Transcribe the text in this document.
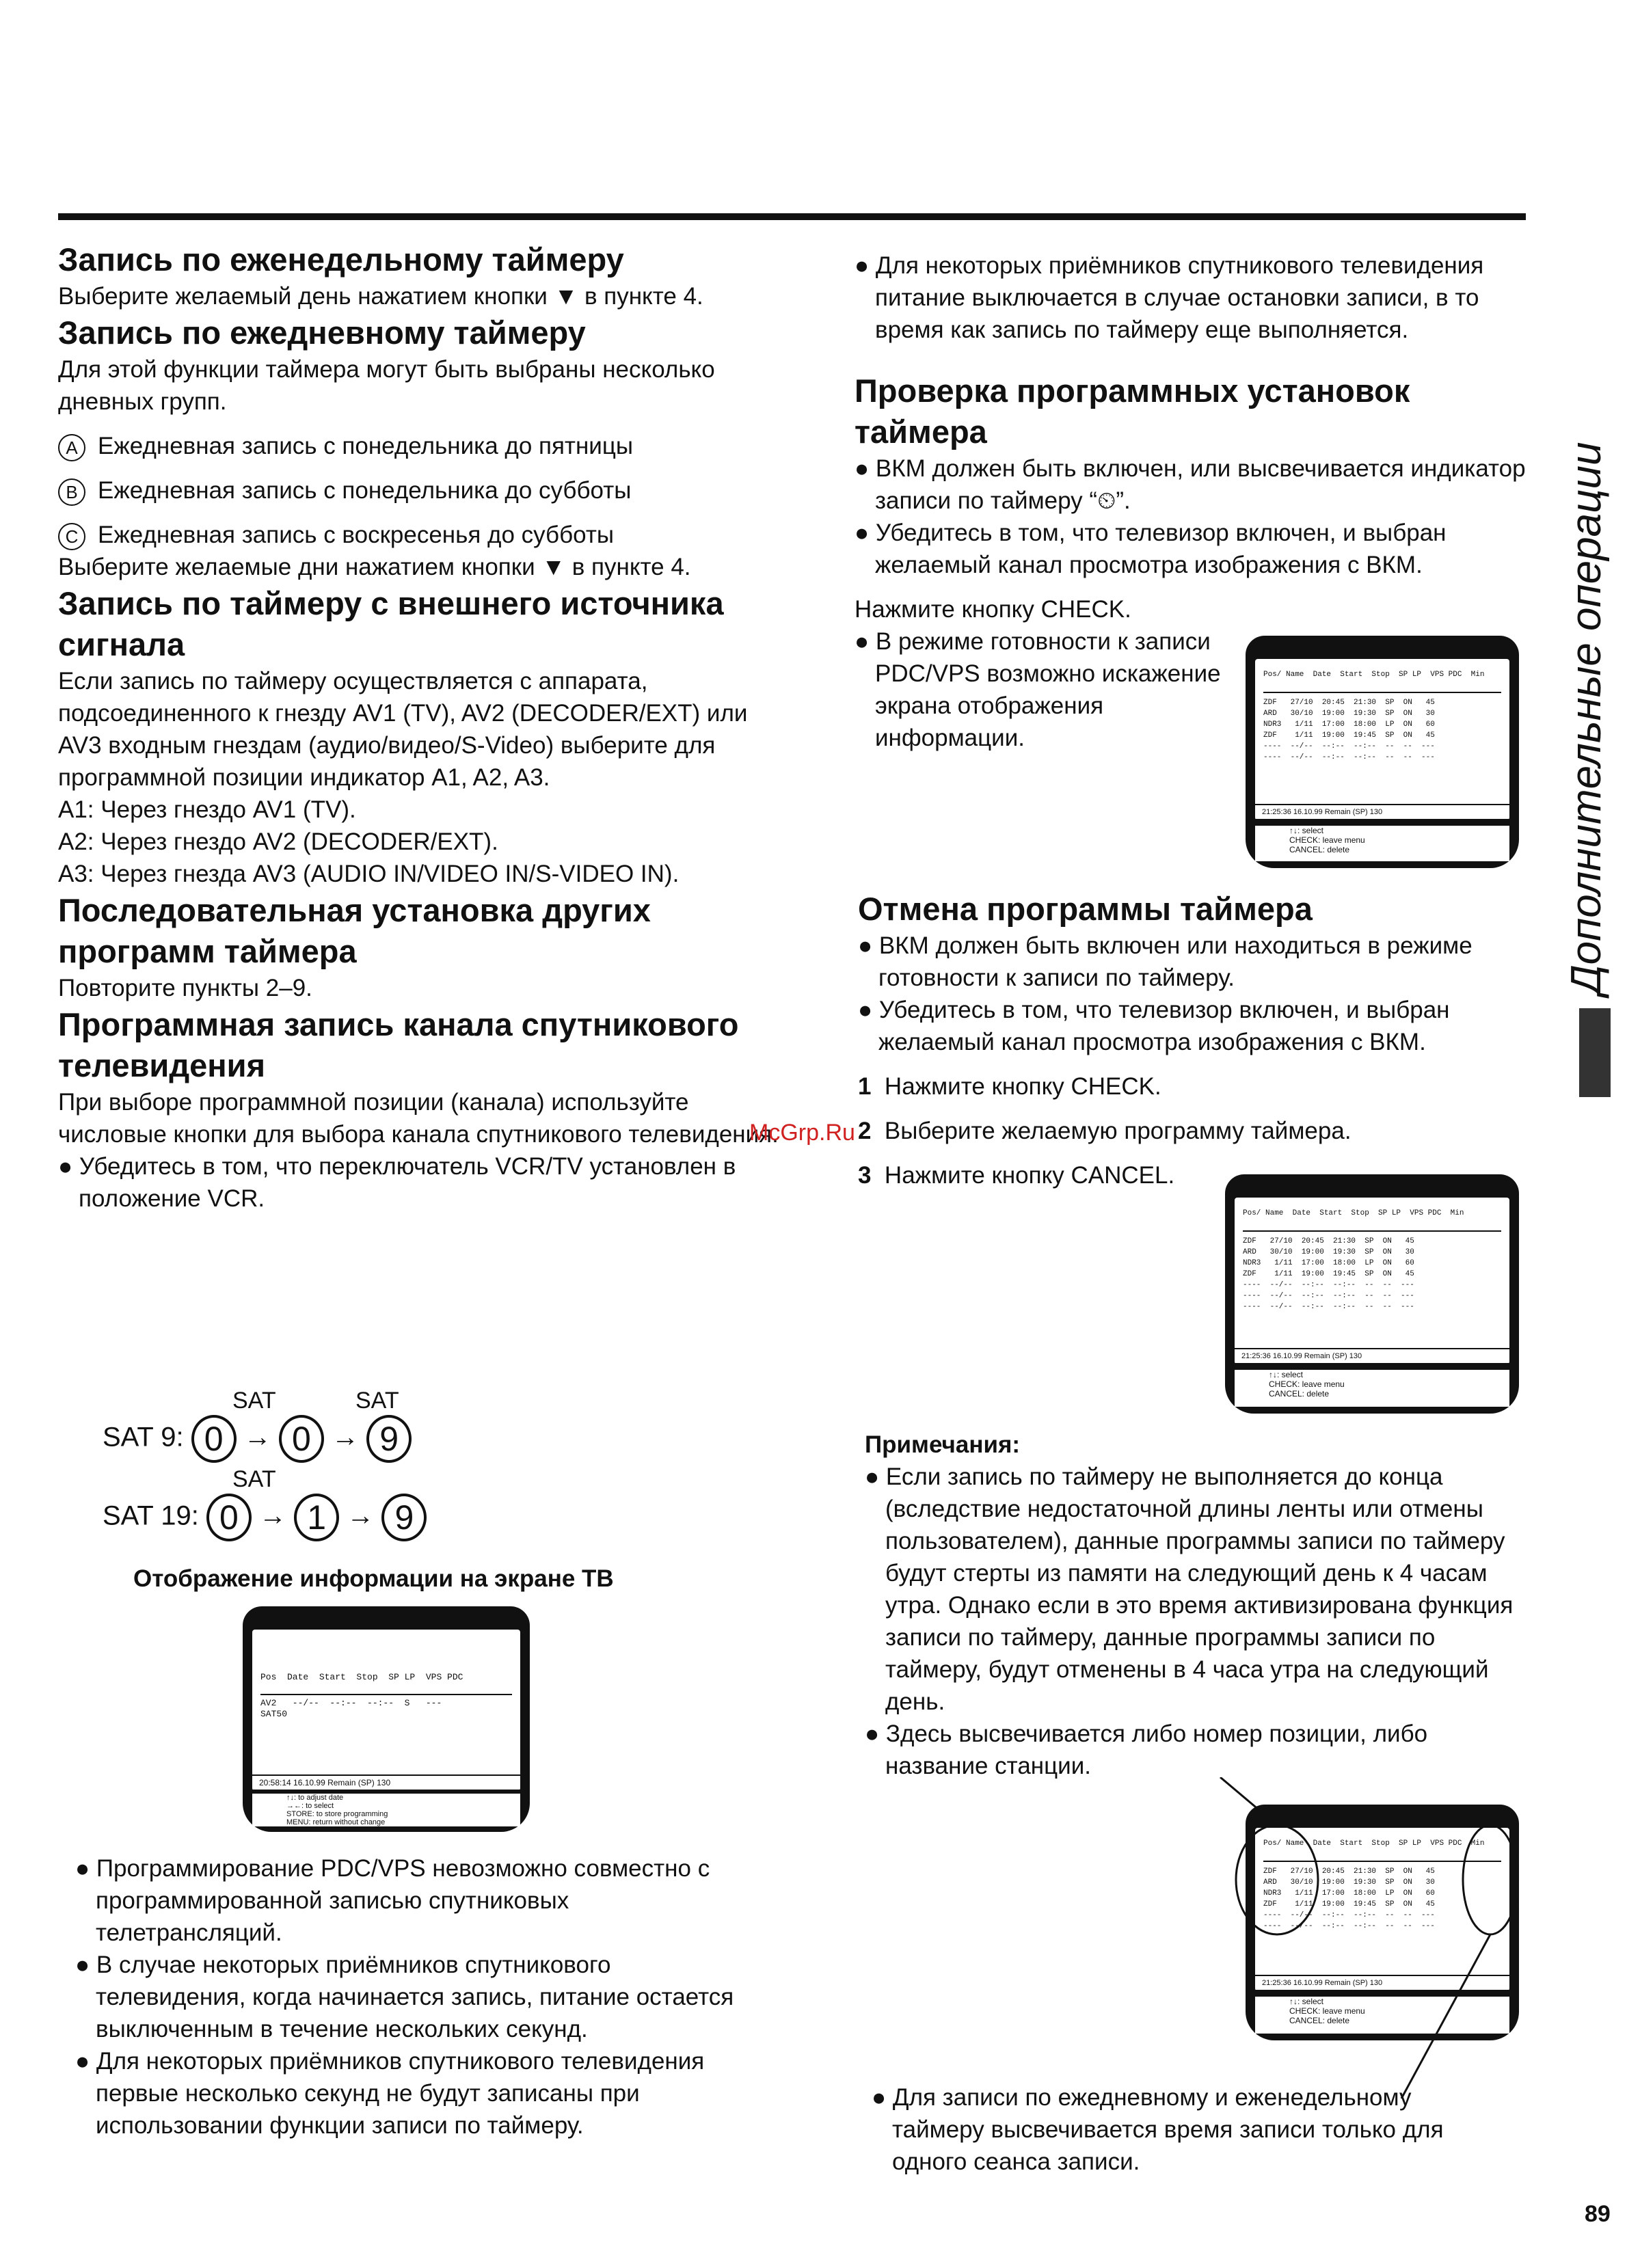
Запись по еженедельному таймеру

Выберите желаемый день нажатием кнопки ▼ в пункте 4.

Запись по ежедневному таймеру

Для этой функции таймера могут быть выбраны несколько дневных групп.

A Ежедневная запись с понедельника до пятницы

B Ежедневная запись с понедельника до субботы

C Ежедневная запись с воскресенья до субботы

Выберите желаемые дни нажатием кнопки ▼ в пункте 4.

Запись по таймеру с внешнего источника сигнала

Если запись по таймеру осуществляется с аппарата, подсоединенного к гнезду AV1 (TV), AV2 (DECODER/EXT) или AV3 входным гнездам (аудио/видео/S-Video) выберите для программной позиции индикатор A1, A2, A3.

A1: Через гнездо AV1 (TV).

A2: Через гнездо AV2 (DECODER/EXT).

A3: Через гнезда AV3 (AUDIO IN/VIDEO IN/S-VIDEO IN).

Последовательная установка других программ таймера

Повторите пункты 2–9.

Программная запись канала спутникового телевидения

При выборе программной позиции (канала) используйте числовые кнопки для выбора канала спутникового телевидения.

● Убедитесь в том, что переключатель VCR/TV установлен в положение VCR.

SAT	SAT
SAT 9: 0 → 0 → 9
SAT
SAT 19: 0 → 1 → 9

Отображение информации на экране ТВ

Pos  Date  Start  Stop  SP LP  VPS PDC
AV2   --/--  --:--  --:--  S   ---
SAT50
20:58:14 16.10.99 Remain (SP) 130
↑↓: to adjust date
→←: to select
STORE: to store programming
MENU: return without change

● Программирование PDC/VPS невозможно совместно с программированной записью спутниковых телетрансляций.

● В случае некоторых приёмников спутникового телевидения, когда начинается запись, питание остается выключенным в течение нескольких секунд.

● Для некоторых приёмников спутникового телевидения первые несколько секунд не будут записаны при использовании функции записи по таймеру.

● Для некоторых приёмников спутникового телевидения питание выключается в случае остановки записи, в то время как запись по таймеру еще выполняется.

Проверка программных установок таймера

● ВКМ должен быть включен, или высвечивается индикатор записи по таймеру “⏲”.

● Убедитесь в том, что телевизор включен, и выбран желаемый канал просмотра изображения с ВКМ.

Нажмите кнопку CHECK.

● В режиме готовности к записи PDC/VPS возможно искажение экрана отображения информации.

Pos/ Name  Date  Start  Stop  SP LP  VPS PDC  Min
ZDF   27/10  20:45  21:30  SP  ON   45
ARD   30/10  19:00  19:30  SP  ON   30
NDR3   1/11  17:00  18:00  LP  ON   60
ZDF    1/11  19:00  19:45  SP  ON   45
----  --/--  --:--  --:--  --  --  ---
----  --/--  --:--  --:--  --  --  ---
21:25:36 16.10.99 Remain (SP) 130
↑↓: select
CHECK: leave menu
CANCEL: delete
Отмена программы таймера

● ВКМ должен быть включен или находиться в режиме готовности к записи по таймеру.

● Убедитесь в том, что телевизор включен, и выбран желаемый канал просмотра изображения с ВКМ.

1 Нажмите кнопку CHECK.

2 Выберите желаемую программу таймера.

3 Нажмите кнопку CANCEL.

Pos/ Name  Date  Start  Stop  SP LP  VPS PDC  Min
ZDF   27/10  20:45  21:30  SP  ON   45
ARD   30/10  19:00  19:30  SP  ON   30
NDR3   1/11  17:00  18:00  LP  ON   60
ZDF    1/11  19:00  19:45  SP  ON   45
----  --/--  --:--  --:--  --  --  ---
----  --/--  --:--  --:--  --  --  ---
----  --/--  --:--  --:--  --  --  ---
21:25:36 16.10.99 Remain (SP) 130
↑↓: select
CHECK: leave menu
CANCEL: delete

Примечания:

● Если запись по таймеру не выполняется до конца (вследствие недостаточной длины ленты или отмены пользователем), данные программы записи по таймеру будут стерты из памяти на следующий день к 4 часам утра. Однако если в это время активизирована функция записи по таймеру, данные программы записи по таймеру, будут отменены в 4 часа утра на следующий день.

● Здесь высвечивается либо номер позиции, либо название станции.

Pos/ Name  Date  Start  Stop  SP LP  VPS PDC  Min
ZDF   27/10  20:45  21:30  SP  ON   45
ARD   30/10  19:00  19:30  SP  ON   30
NDR3   1/11  17:00  18:00  LP  ON   60
ZDF    1/11  19:00  19:45  SP  ON   45
----  --/--  --:--  --:--  --  --  ---
----  --/--  --:--  --:--  --  --  ---
21:25:36 16.10.99 Remain (SP) 130
↑↓: select
CHECK: leave menu
CANCEL: delete

● Для записи по ежедневному и еженедельному таймеру высвечивается время записи только для одного сеанса записи.

Дополнительные операции
McGrp.Ru
89
